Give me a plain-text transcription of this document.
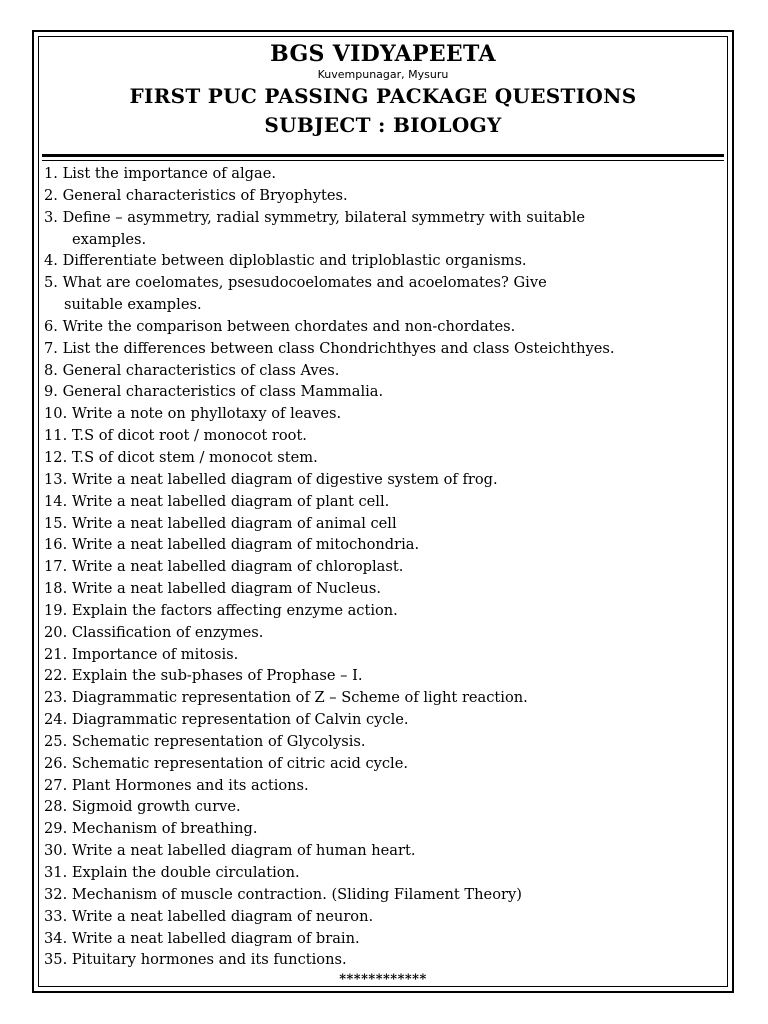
BGS VIDYAPEETA
Kuvempunagar, Mysuru
FIRST PUC PASSING PACKAGE QUESTIONS
SUBJECT : BIOLOGY
1. List the importance of algae.
2. General characteristics of Bryophytes.
3. Define – asymmetry, radial symmetry, bilateral symmetry with suitable
examples.
4. Differentiate between diploblastic and triploblastic organisms.
5. What are coelomates, psesudocoelomates and acoelomates? Give
suitable examples.
6. Write the comparison between chordates and non-chordates.
7. List the differences between class Chondrichthyes and class Osteichthyes.
8. General characteristics of class Aves.
9. General characteristics of class Mammalia.
10. Write a note on phyllotaxy of leaves.
11. T.S of dicot root / monocot root.
12. T.S of dicot stem / monocot stem.
13. Write a neat labelled diagram of digestive system of frog.
14. Write a neat labelled diagram of plant cell.
15. Write a neat labelled diagram of animal cell
16. Write a neat labelled diagram of mitochondria.
17. Write a neat labelled diagram of chloroplast.
18. Write a neat labelled diagram of Nucleus.
19. Explain the factors affecting enzyme action.
20. Classification of enzymes.
21. Importance of mitosis.
22. Explain the sub-phases of Prophase – I.
23. Diagrammatic representation of Z – Scheme of light reaction.
24. Diagrammatic representation of Calvin cycle.
25. Schematic representation of Glycolysis.
26. Schematic representation of citric acid cycle.
27. Plant Hormones and its actions.
28. Sigmoid growth curve.
29. Mechanism of breathing.
30. Write a neat labelled diagram of human heart.
31. Explain the double circulation.
32. Mechanism of muscle contraction. (Sliding Filament Theory)
33. Write a neat labelled diagram of neuron.
34. Write a neat labelled diagram of brain.
35. Pituitary hormones and its functions.
************
